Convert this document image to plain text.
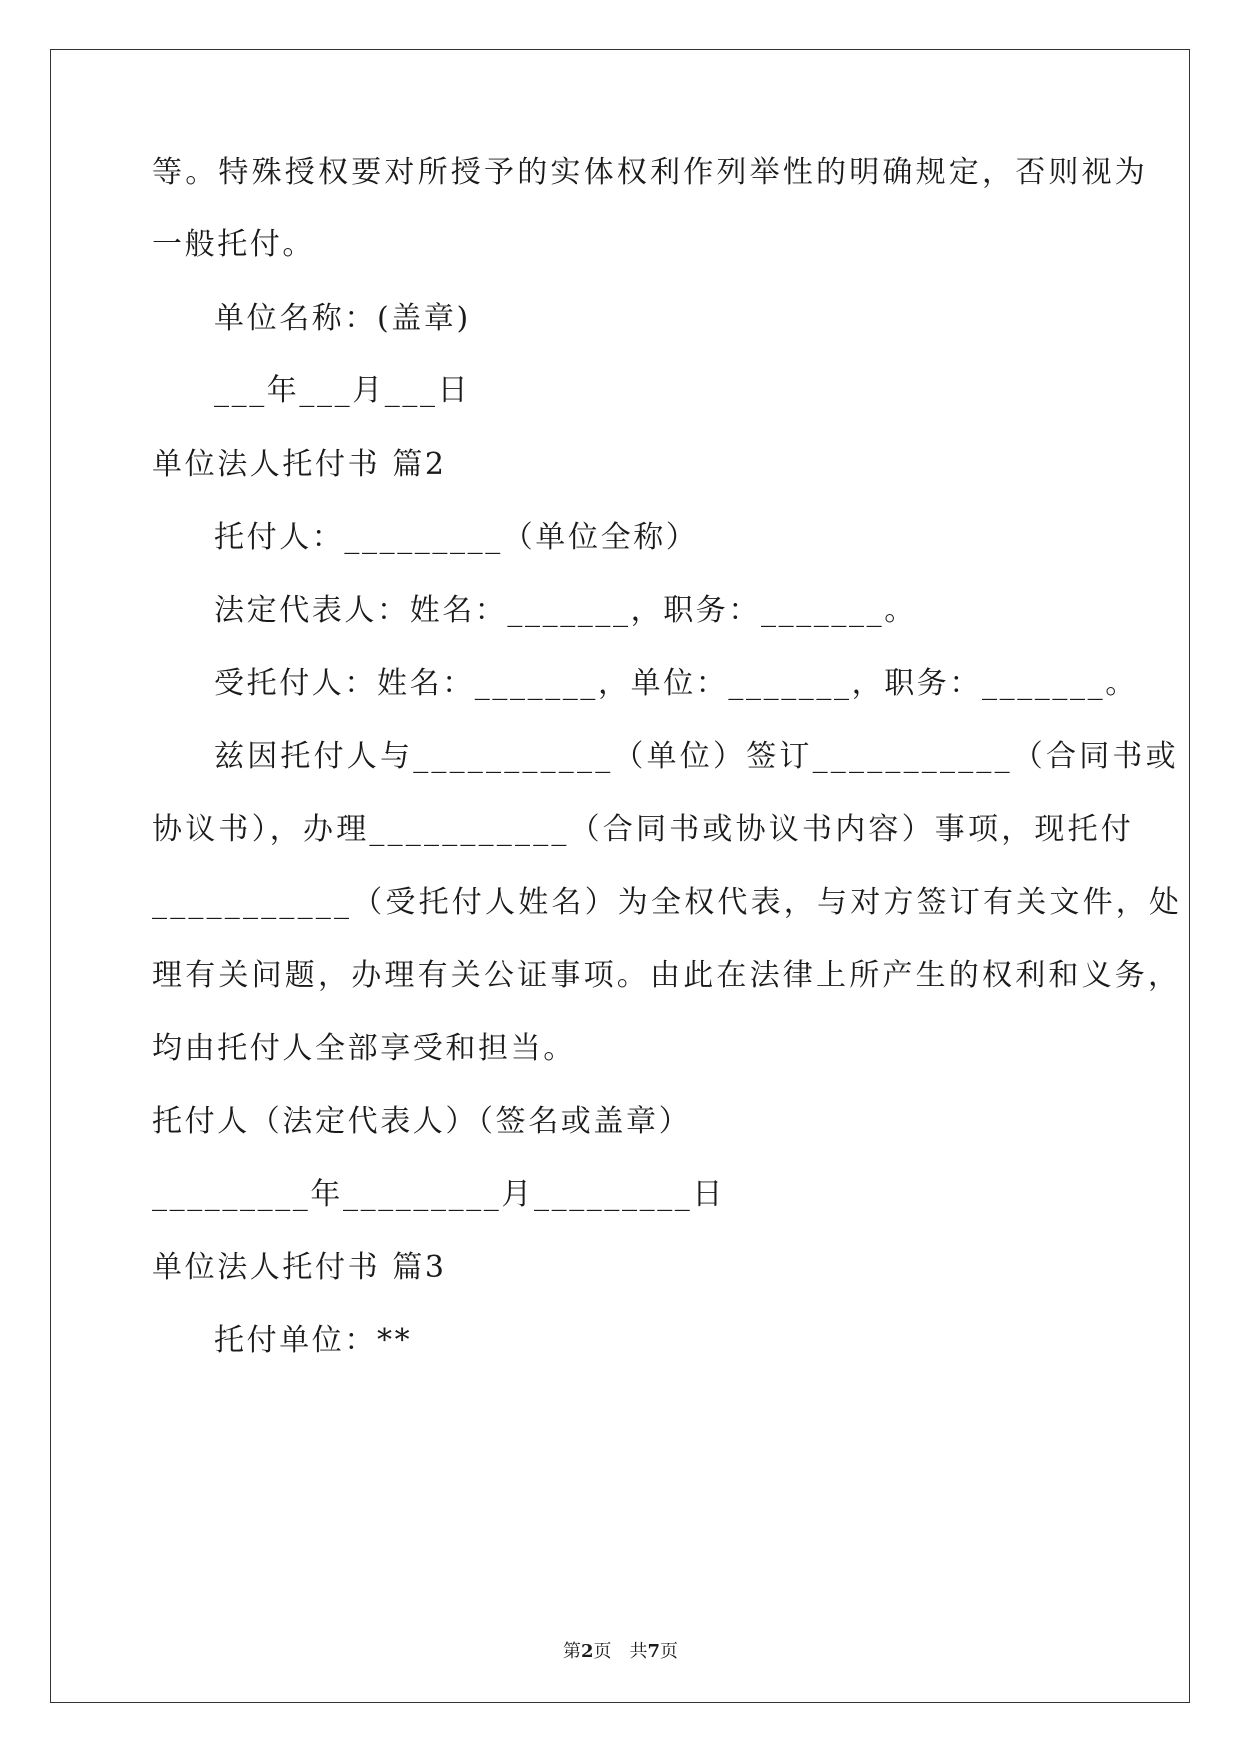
等。特殊授权要对所授予的实体权利作列举性的明确规定，否则视为
一般托付。
单位名称：(盖章)
___年___月___日
单位法人托付书 篇2
托付人：_________（单位全称）
法定代表人：姓名：_______，职务：_______。
受托付人：姓名：_______，单位：_______，职务：_______。
兹因托付人与___________（单位）签订___________（合同书或
协议书），办理___________（合同书或协议书内容）事项，现托付
___________（受托付人姓名）为全权代表，与对方签订有关文件，处
理有关问题，办理有关公证事项。由此在法律上所产生的权利和义务，
均由托付人全部享受和担当。
托付人（法定代表人）（签名或盖章）
_________年_________月_________日
单位法人托付书 篇3
托付单位：**
第2页 共7页
